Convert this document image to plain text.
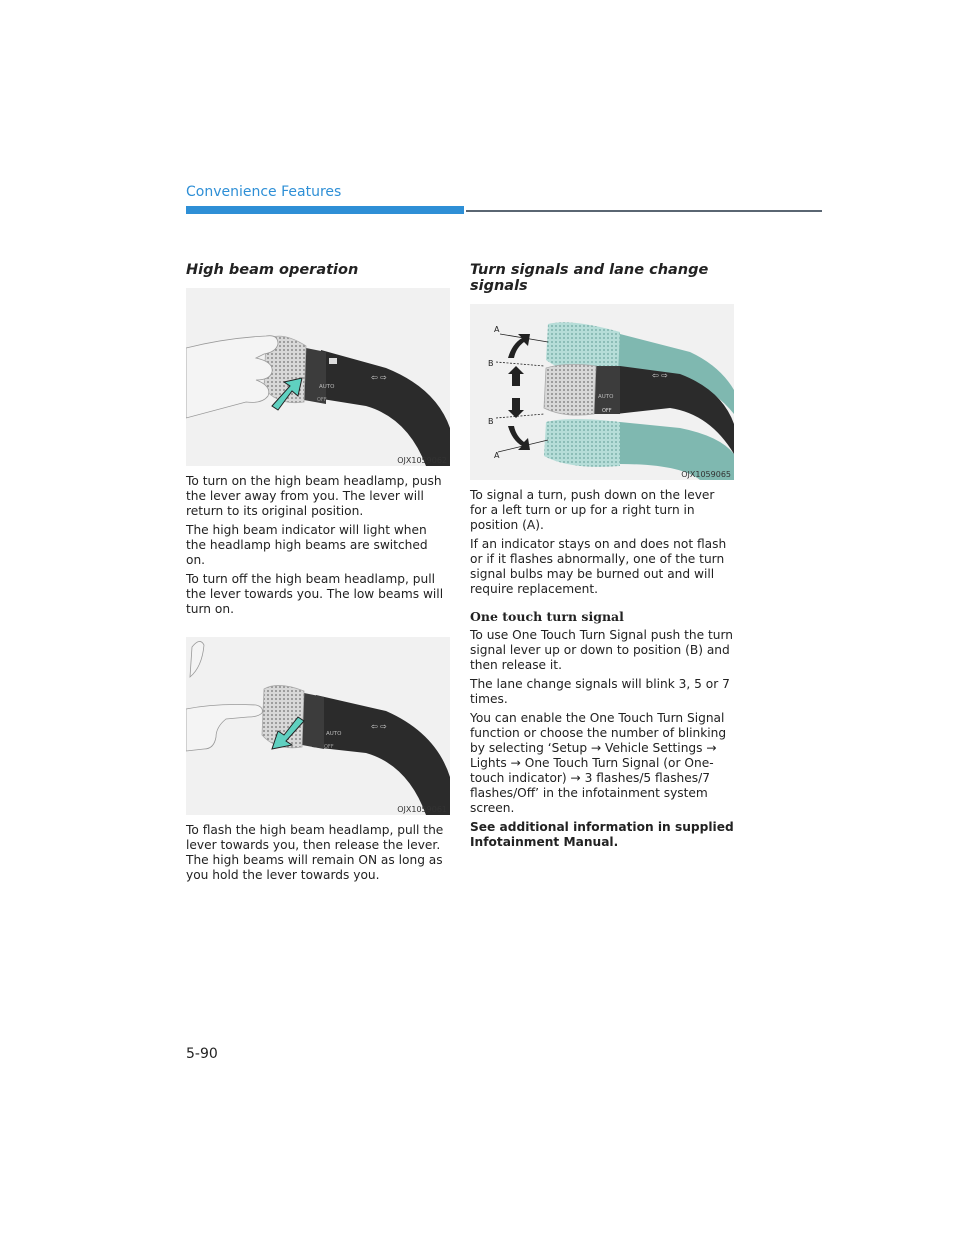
Convenience Features
High beam operation
AUTO
OFF
⇦ ⇨
OJX1059062

To turn on the high beam headlamp, push the lever away from you. The lever will return to its original position.

The high beam indicator will light when the headlamp high beams are switched on.

To turn off the high beam headlamp, pull the lever towards you. The low beams will turn on.

AUTO
OFF
⇦ ⇨
OJX1059061

To flash the high beam headlamp, pull the lever towards you, then release the lever. The high beams will remain ON as long as you hold the lever towards you.

Turn signals and lane change signals
AUTO
OFF
⇦ ⇨
A
B
B
A
OJX1059065

To signal a turn, push down on the lever for a left turn or up for a right turn in position (A).

If an indicator stays on and does not flash or if it flashes abnormally, one of the turn signal bulbs may be burned out and will require replacement.

One touch turn signal

To use One Touch Turn Signal push the turn signal lever up or down to position (B) and then release it.

The lane change signals will blink 3, 5 or 7 times.

You can enable the One Touch Turn Signal function or choose the number of blinking by selecting ‘Setup → Vehicle Settings → Lights → One Touch Turn Signal (or One-touch indicator) → 3 flashes/5 flashes/7 flashes/Off’ in the infotainment system screen.

See additional information in supplied Infotainment Manual.

5-90
